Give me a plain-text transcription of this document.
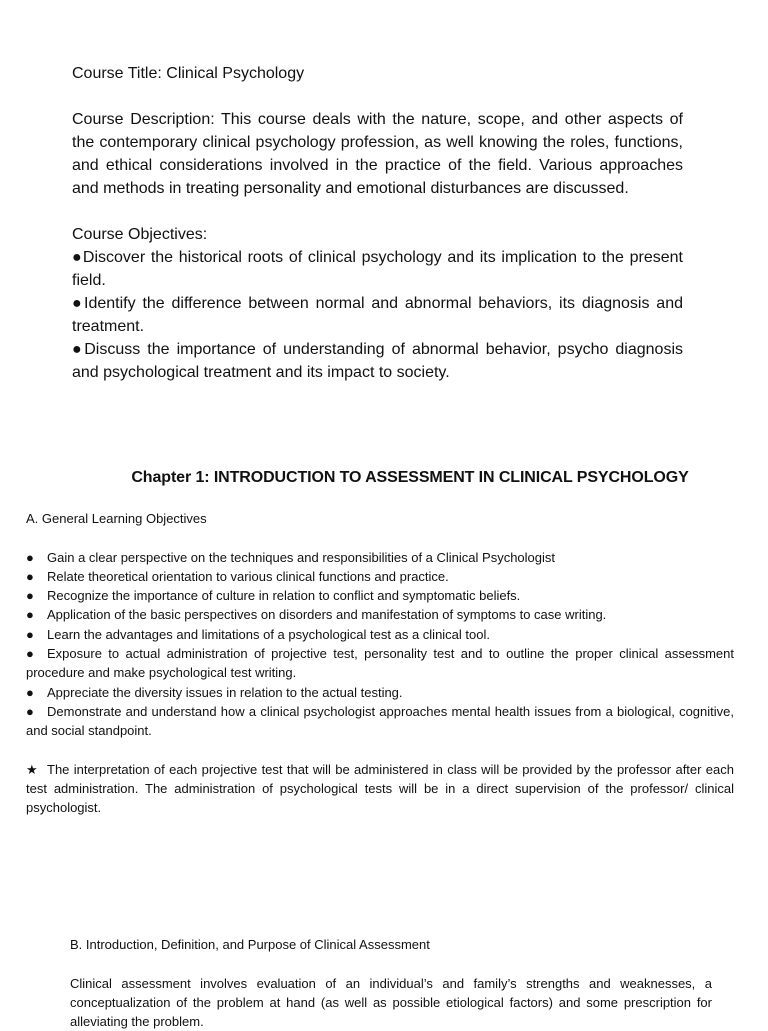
Course Title: Clinical Psychology

Course Description: This course deals with the nature, scope, and other aspects of the contemporary clinical psychology profession, as well knowing the roles, functions, and ethical considerations involved in the practice of the field. Various approaches and methods in treating personality and emotional disturbances are discussed.

Course Objectives:

●Discover the historical roots of clinical psychology and its implication to the present field.

●Identify the difference between normal and abnormal behaviors, its diagnosis and treatment.

●Discuss the importance of understanding of abnormal behavior, psycho diagnosis and psychological treatment and its impact to society.

Chapter 1: INTRODUCTION TO ASSESSMENT IN CLINICAL PSYCHOLOGY

A. General Learning Objectives

● Gain a clear perspective on the techniques and responsibilities of a Clinical Psychologist

● Relate theoretical orientation to various clinical functions and practice.

● Recognize the importance of culture in relation to conflict and symptomatic beliefs.

● Application of the basic perspectives on disorders and manifestation of symptoms to case writing.

● Learn the advantages and limitations of a psychological test as a clinical tool.

● Exposure to actual administration of projective test, personality test and to outline the proper clinical assessment procedure and make psychological test writing.

● Appreciate the diversity issues in relation to the actual testing.

● Demonstrate and understand how a clinical psychologist approaches mental health issues from a biological, cognitive, and social standpoint.

★ The interpretation of each projective test that will be administered in class will be provided by the professor after each test administration. The administration of psychological tests will be in a direct supervision of the professor/ clinical psychologist.

B. Introduction, Definition, and Purpose of Clinical Assessment

Clinical assessment involves evaluation of an individual’s and family’s strengths and weaknesses, a conceptualization of the problem at hand (as well as possible etiological factors) and some prescription for alleviating the problem.
